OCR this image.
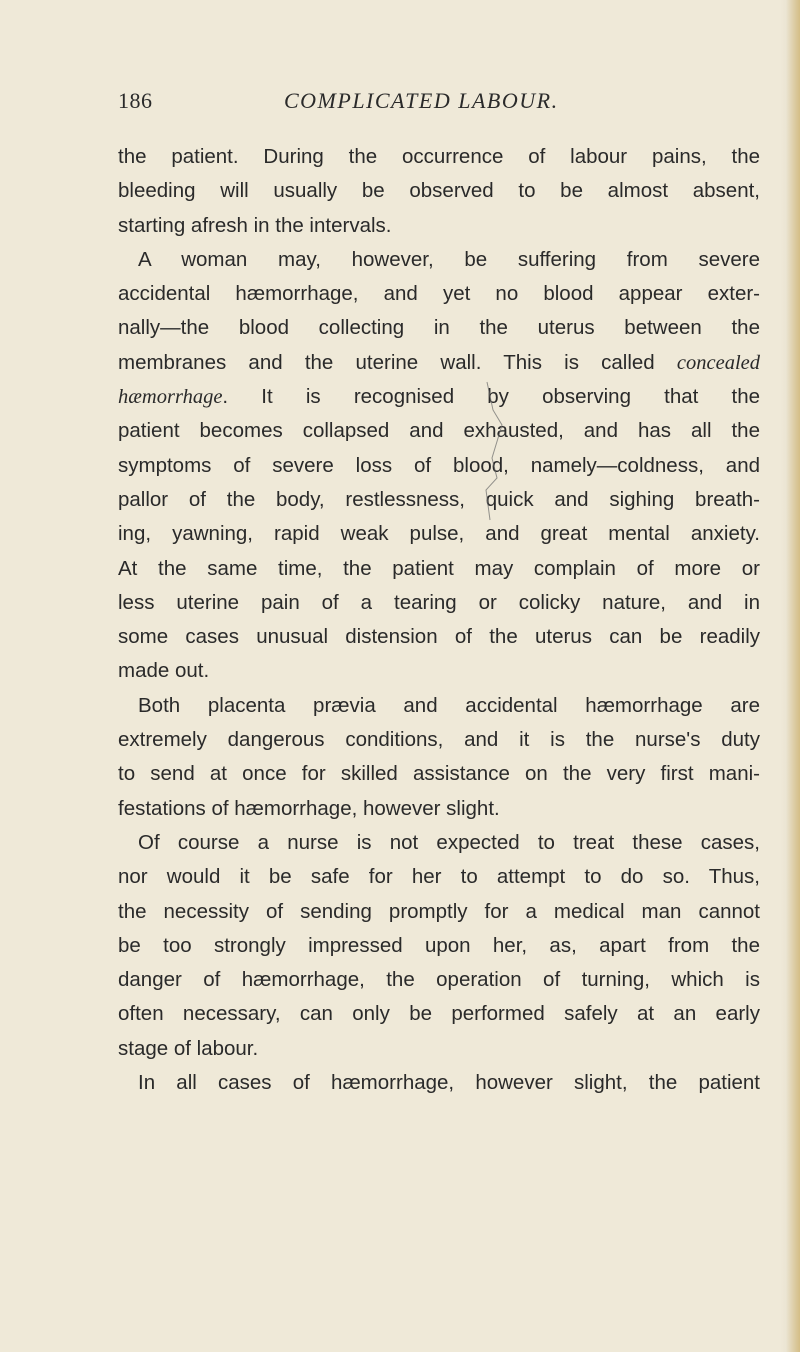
186	COMPLICATED LABOUR.
the patient. During the occurrence of labour pains, the
bleeding will usually be observed to be almost absent,
starting afresh in the intervals.
A woman may, however, be suffering from severe
accidental hæmorrhage, and yet no blood appear exter-
nally—the blood collecting in the uterus between the
membranes and the uterine wall. This is called concealed
hæmorrhage. It is recognised by observing that the
patient becomes collapsed and exhausted, and has all the
symptoms of severe loss of blood, namely—coldness, and
pallor of the body, restlessness, quick and sighing breath-
ing, yawning, rapid weak pulse, and great mental anxiety.
At the same time, the patient may complain of more or
less uterine pain of a tearing or colicky nature, and in
some cases unusual distension of the uterus can be readily
made out.
Both placenta prævia and accidental hæmorrhage are
extremely dangerous conditions, and it is the nurse's duty
to send at once for skilled assistance on the very first mani-
festations of hæmorrhage, however slight.
Of course a nurse is not expected to treat these cases,
nor would it be safe for her to attempt to do so. Thus,
the necessity of sending promptly for a medical man cannot
be too strongly impressed upon her, as, apart from the
danger of hæmorrhage, the operation of turning, which is
often necessary, can only be performed safely at an early
stage of labour.
In all cases of hæmorrhage, however slight, the patient
